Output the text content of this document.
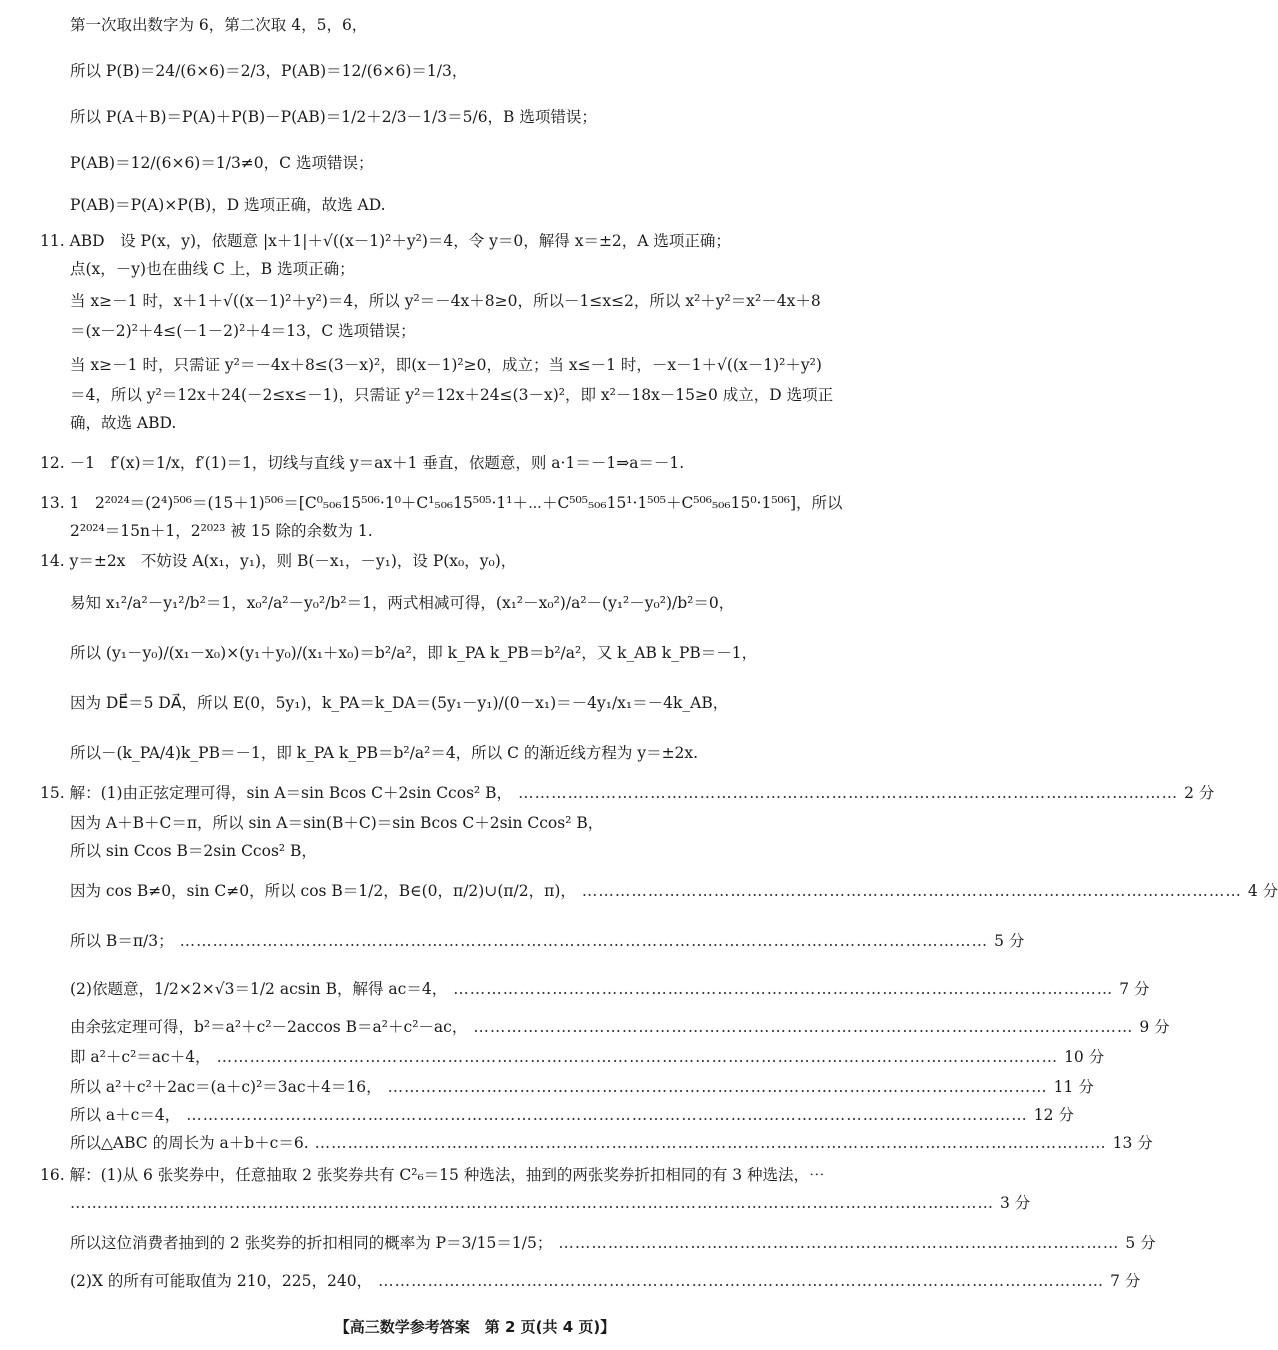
第一次取出数字为 6，第二次取 4，5，6，
所以 P(B)＝24/(6×6)＝2/3，P(AB)＝12/(6×6)＝1/3，
所以 P(A＋B)＝P(A)＋P(B)－P(AB)＝1/2＋2/3－1/3＝5/6，B 选项错误；
P(AB)＝12/(6×6)＝1/3≠0，C 选项错误；
P(AB)＝P(A)×P(B)，D 选项正确，故选 AD.
11. ABD　设 P(x，y)，依题意 |x＋1|＋√((x－1)²＋y²)＝4，令 y＝0，解得 x＝±2，A 选项正确；
点(x，－y)也在曲线 C 上，B 选项正确；
当 x≥－1 时，x＋1＋√((x－1)²＋y²)＝4，所以 y²＝－4x＋8≥0，所以－1≤x≤2，所以 x²＋y²＝x²－4x＋8
＝(x－2)²＋4≤(－1－2)²＋4＝13，C 选项错误；
当 x≥－1 时，只需证 y²＝－4x＋8≤(3－x)²，即(x－1)²≥0，成立；当 x≤－1 时，－x－1＋√((x－1)²＋y²)
＝4，所以 y²＝12x＋24(－2≤x≤－1)，只需证 y²＝12x＋24≤(3－x)²，即 x²－18x－15≥0 成立，D 选项正
确，故选 ABD.
12. －1　f′(x)＝1/x，f′(1)＝1，切线与直线 y＝ax＋1 垂直，依题意，则 a·1＝－1⇒a＝－1.
13. 1　2²⁰²⁴＝(2⁴)⁵⁰⁶＝(15＋1)⁵⁰⁶＝[C⁰₅₀₆15⁵⁰⁶·1⁰＋C¹₅₀₆15⁵⁰⁵·1¹＋⋯＋C⁵⁰⁵₅₀₆15¹·1⁵⁰⁵＋C⁵⁰⁶₅₀₆15⁰·1⁵⁰⁶]，所以
2²⁰²⁴＝15n＋1，2²⁰²³ 被 15 除的余数为 1.
14. y＝±2x　不妨设 A(x₁，y₁)，则 B(－x₁，－y₁)，设 P(x₀，y₀)，
易知 x₁²/a²－y₁²/b²＝1，x₀²/a²－y₀²/b²＝1，两式相减可得，(x₁²－x₀²)/a²－(y₁²－y₀²)/b²＝0，
所以 (y₁－y₀)/(x₁－x₀)×(y₁＋y₀)/(x₁＋x₀)＝b²/a²，即 k_PA k_PB＝b²/a²，又 k_AB k_PB＝－1，
因为 DE⃗＝5 DA⃗，所以 E(0，5y₁)，k_PA＝k_DA＝(5y₁－y₁)/(0－x₁)＝－4y₁/x₁＝－4k_AB，
所以－(k_PA/4)k_PB＝－1，即 k_PA k_PB＝b²/a²＝4，所以 C 的渐近线方程为 y＝±2x.
15. 解：(1)由正弦定理可得，sin A＝sin Bcos C＋2sin Ccos² B， ………………………………………………………………………………………………………… 2 分
因为 A＋B＋C＝π，所以 sin A＝sin(B＋C)＝sin Bcos C＋2sin Ccos² B，
所以 sin Ccos B＝2sin Ccos² B，
因为 cos B≠0，sin C≠0，所以 cos B＝1/2，B∈(0，π/2)∪(π/2，π)， ………………………………………………………………………………………………………… 4 分
所以 B＝π/3； ………………………………………………………………………………………………………………………………… 5 分
(2)依题意，1/2×2×√3＝1/2 acsin B，解得 ac＝4， ………………………………………………………………………………………………………… 7 分
由余弦定理可得，b²＝a²＋c²－2accos B＝a²＋c²－ac， ………………………………………………………………………………………………………… 9 分
即 a²＋c²＝ac＋4， ……………………………………………………………………………………………………………………………………… 10 分
所以 a²＋c²＋2ac＝(a＋c)²＝3ac＋4＝16， ………………………………………………………………………………………………………… 11 分
所以 a＋c＝4， ……………………………………………………………………………………………………………………………………… 12 分
所以△ABC 的周长为 a＋b＋c＝6. ……………………………………………………………………………………………………………………………… 13 分
16. 解：(1)从 6 张奖券中，任意抽取 2 张奖券共有 C²₆＝15 种选法，抽到的两张奖券折扣相同的有 3 种选法，⋯
…………………………………………………………………………………………………………………………………………………… 3 分
所以这位消费者抽到的 2 张奖券的折扣相同的概率为 P＝3/15＝1/5； ………………………………………………………………………………………… 5 分
(2)X 的所有可能取值为 210，225，240， …………………………………………………………………………………………………………………… 7 分
【高三数学参考答案　第 2 页(共 4 页)】
